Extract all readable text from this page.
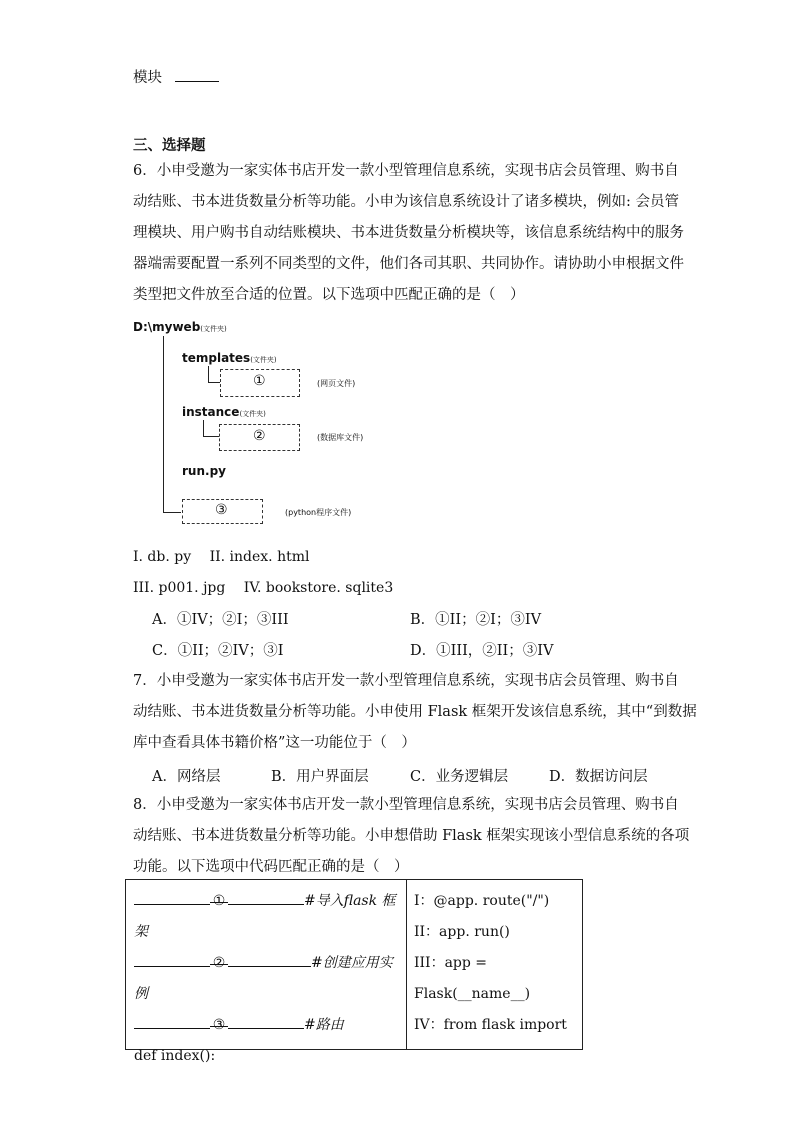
模块
三、选择题
6．小申受邀为一家实体书店开发一款小型管理信息系统，实现书店会员管理、购书自
动结账、书本进货数量分析等功能。小申为该信息系统设计了诸多模块，例如: 会员管
理模块、用户购书自动结账模块、书本进货数量分析模块等，该信息系统结构中的服务
器端需要配置一系列不同类型的文件，他们各司其职、共同协作。请协助小申根据文件
类型把文件放至合适的位置。以下选项中匹配正确的是（　）
D:\myweb(文件夹)
templates(文件夹)
①	(网页文件)
instance(文件夹)
②	(数据库文件)
run.py
③	(python程序文件)
I. db. py　 II. index. html
III. p001. jpg　 IV. bookstore. sqlite3
A．①IV；②I；③III	B．①II；②I；③IV
C．①II；②IV；③I	D．①III，②II；③IV
7．小申受邀为一家实体书店开发一款小型管理信息系统，实现书店会员管理、购书自
动结账、书本进货数量分析等功能。小申使用 Flask 框架开发该信息系统，其中“到数据
库中查看具体书籍价格”这一功能位于（　）
A．网络层	B．用户界面层	C．业务逻辑层	D．数据访问层
8．小申受邀为一家实体书店开发一款小型管理信息系统，实现书店会员管理、购书自
动结账、书本进货数量分析等功能。小申想借助 Flask 框架实现该小型信息系统的各项
功能。以下选项中代码匹配正确的是（　）
①	#导入flask 框架
②	#创建应用实
例
③	#路由
def index():
I：@app. route("/")
II：app. run()
III：app =
Flask(__name__)
IV：from flask import
